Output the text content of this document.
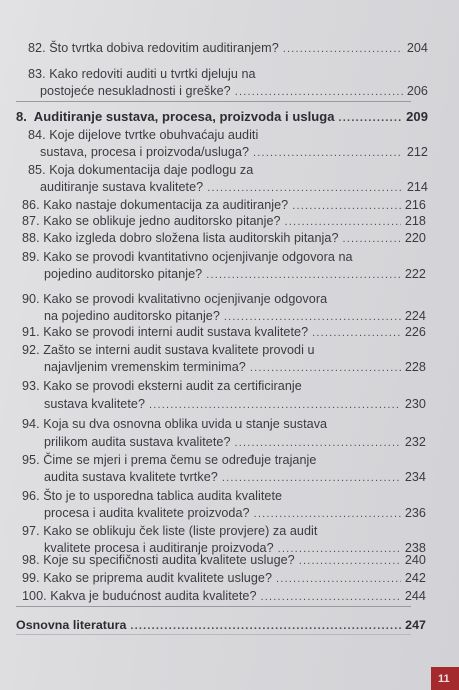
82. Što tvrtka dobiva redovitim auditiranjem? .....	204
83. Kako redoviti auditi u tvrtki djeluju na
postojeće nesukladnosti i greške? .....	206
8.  Auditiranje sustava, procesa, proizvoda i usluga .....	209
84. Koje dijelove tvrtke obuhvaćaju auditi
sustava, procesa i proizvoda/usluga? .....	212
85. Koja dokumentacija daje podlogu za
auditiranje sustava kvalitete? .....	214
86. Kako nastaje dokumentacija za auditiranje? .....	216
87. Kako se oblikuje jedno auditorsko pitanje? .....	218
88. Kako izgleda dobro složena lista auditorskih pitanja? .....	220
89. Kako se provodi kvantitativno ocjenjivanje odgovora na
pojedino auditorsko pitanje? .....	222
90. Kako se provodi kvalitativno ocjenjivanje odgovora
na pojedino auditorsko pitanje? .....	224
91. Kako se provodi interni audit sustava kvalitete? .....	226
92. Zašto se interni audit sustava kvalitete provodi u
najavljenim vremenskim terminima? .....	228
93. Kako se provodi eksterni audit za certificiranje
sustava kvalitete? .....	230
94. Koja su dva osnovna oblika uvida u stanje sustava
prilikom audita sustava kvalitete? .....	232
95. Čime se mjeri i prema čemu se određuje trajanje
audita sustava kvalitete tvrtke? .....	234
96. Što je to usporedna tablica audita kvalitete
procesa i audita kvalitete proizvoda? .....	236
97. Kako se oblikuju ček liste (liste provjere) za audit
kvalitete procesa i auditiranje proizvoda? .....	238
98. Koje su specifičnosti audita kvalitete usluge? .....	240
99. Kako se priprema audit kvalitete usluge? .....	242
100. Kakva je budućnost audita kvalitete? .....	244
Osnovna literatura .....	247
11
